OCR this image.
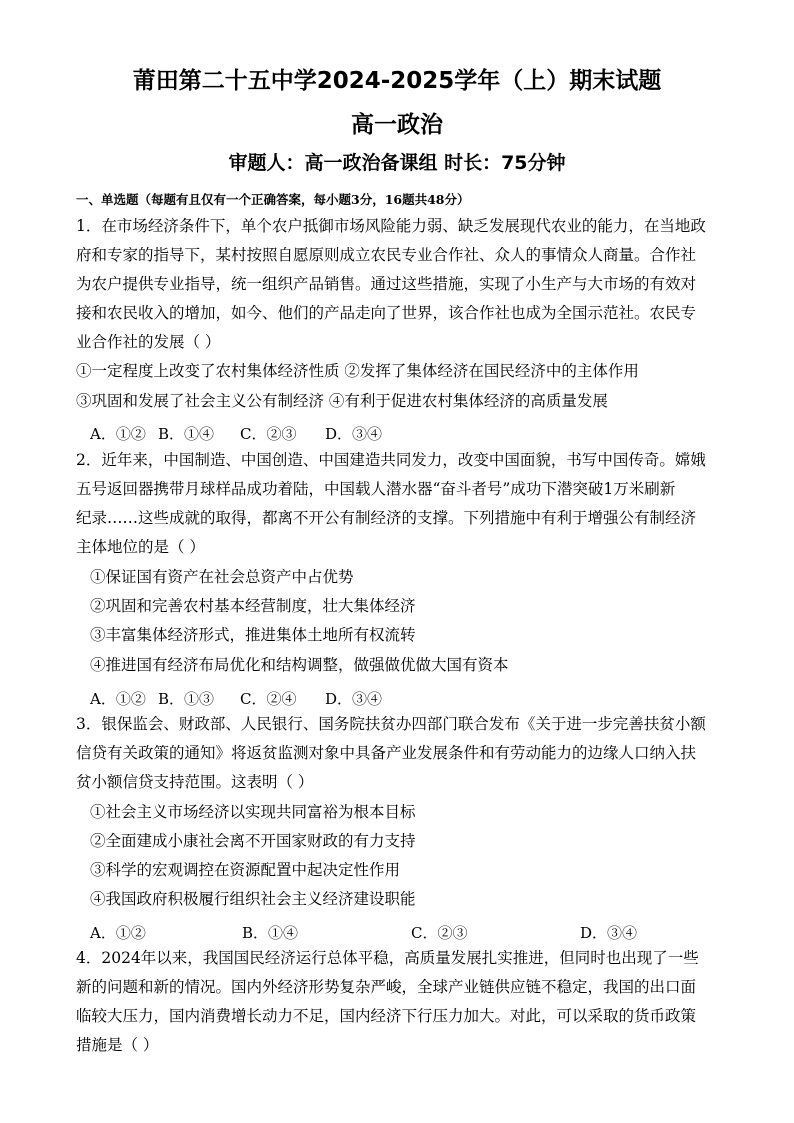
莆田第二十五中学2024-2025学年（上）期末试题
高一政治
审题人：高一政治备课组 时长：75分钟
一、单选题（每题有且仅有一个正确答案，每小题3分，16题共48分）
1．在市场经济条件下，单个农户抵御市场风险能力弱、缺乏发展现代农业的能力，在当地政
府和专家的指导下，某村按照自愿原则成立农民专业合作社、众人的事情众人商量。合作社
为农户提供专业指导，统一组织产品销售。通过这些措施，实现了小生产与大市场的有效对
接和农民收入的增加，如今、他们的产品走向了世界，该合作社也成为全国示范社。农民专
业合作社的发展（ ）
①一定程度上改变了农村集体经济性质 ②发挥了集体经济在国民经济中的主体作用
③巩固和发展了社会主义公有制经济 ④有利于促进农村集体经济的高质量发展
A．①② B．①④ C．②③ D．③④
2．近年来，中国制造、中国创造、中国建造共同发力，改变中国面貌，书写中国传奇。嫦娥
五号返回器携带月球样品成功着陆，中国载人潜水器“奋斗者号”成功下潜突破1万米刷新
纪录……这些成就的取得，都离不开公有制经济的支撑。下列措施中有利于增强公有制经济
主体地位的是（ ）
①保证国有资产在社会总资产中占优势
②巩固和完善农村基本经营制度，壮大集体经济
③丰富集体经济形式，推进集体土地所有权流转
④推进国有经济布局优化和结构调整，做强做优做大国有资本
A．①② B．①③ C．②④ D．③④
3．银保监会、财政部、人民银行、国务院扶贫办四部门联合发布《关于进一步完善扶贫小额
信贷有关政策的通知》将返贫监测对象中具备产业发展条件和有劳动能力的边缘人口纳入扶
贫小额信贷支持范围。这表明（ ）
①社会主义市场经济以实现共同富裕为根本目标
②全面建成小康社会离不开国家财政的有力支持
③科学的宏观调控在资源配置中起决定性作用
④我国政府积极履行组织社会主义经济建设职能
A．①②	B．①④	C．②③	D．③④
4．2024年以来，我国国民经济运行总体平稳，高质量发展扎实推进，但同时也出现了一些
新的问题和新的情况。国内外经济形势复杂严峻，全球产业链供应链不稳定，我国的出口面
临较大压力，国内消费增长动力不足，国内经济下行压力加大。对此，可以采取的货币政策
措施是（ ）
